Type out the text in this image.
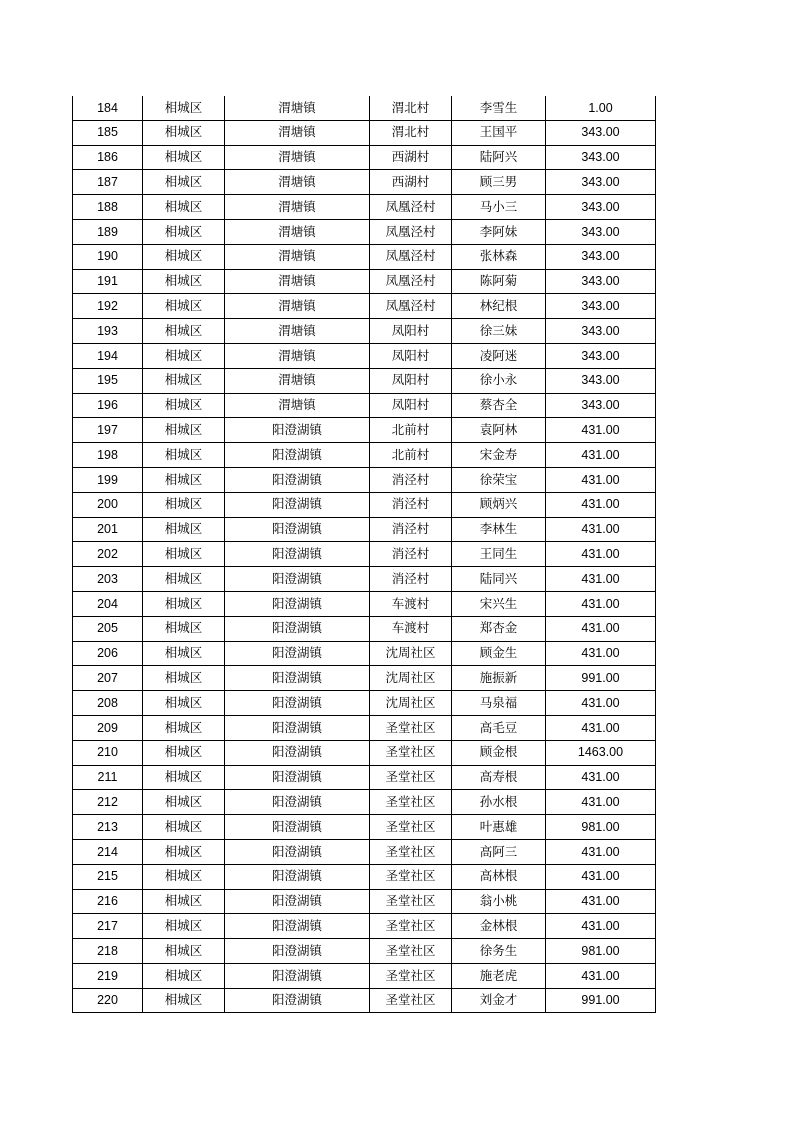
184	相城区	渭塘镇	渭北村	李雪生	1.00
185	相城区	渭塘镇	渭北村	王国平	343.00
186	相城区	渭塘镇	西湖村	陆阿兴	343.00
187	相城区	渭塘镇	西湖村	顾三男	343.00
188	相城区	渭塘镇	凤凰泾村	马小三	343.00
189	相城区	渭塘镇	凤凰泾村	李阿妹	343.00
190	相城区	渭塘镇	凤凰泾村	张林森	343.00
191	相城区	渭塘镇	凤凰泾村	陈阿菊	343.00
192	相城区	渭塘镇	凤凰泾村	林纪根	343.00
193	相城区	渭塘镇	凤阳村	徐三妹	343.00
194	相城区	渭塘镇	凤阳村	凌阿迷	343.00
195	相城区	渭塘镇	凤阳村	徐小永	343.00
196	相城区	渭塘镇	凤阳村	蔡杏全	343.00
197	相城区	阳澄湖镇	北前村	袁阿林	431.00
198	相城区	阳澄湖镇	北前村	宋金寿	431.00
199	相城区	阳澄湖镇	消泾村	徐荣宝	431.00
200	相城区	阳澄湖镇	消泾村	顾炳兴	431.00
201	相城区	阳澄湖镇	消泾村	李林生	431.00
202	相城区	阳澄湖镇	消泾村	王同生	431.00
203	相城区	阳澄湖镇	消泾村	陆同兴	431.00
204	相城区	阳澄湖镇	车渡村	宋兴生	431.00
205	相城区	阳澄湖镇	车渡村	郑杏金	431.00
206	相城区	阳澄湖镇	沈周社区	顾金生	431.00
207	相城区	阳澄湖镇	沈周社区	施振新	991.00
208	相城区	阳澄湖镇	沈周社区	马泉福	431.00
209	相城区	阳澄湖镇	圣堂社区	高毛豆	431.00
210	相城区	阳澄湖镇	圣堂社区	顾金根	1463.00
211	相城区	阳澄湖镇	圣堂社区	高寿根	431.00
212	相城区	阳澄湖镇	圣堂社区	孙水根	431.00
213	相城区	阳澄湖镇	圣堂社区	叶惠雄	981.00
214	相城区	阳澄湖镇	圣堂社区	高阿三	431.00
215	相城区	阳澄湖镇	圣堂社区	高林根	431.00
216	相城区	阳澄湖镇	圣堂社区	翁小桃	431.00
217	相城区	阳澄湖镇	圣堂社区	金林根	431.00
218	相城区	阳澄湖镇	圣堂社区	徐务生	981.00
219	相城区	阳澄湖镇	圣堂社区	施老虎	431.00
220	相城区	阳澄湖镇	圣堂社区	刘金才	991.00
